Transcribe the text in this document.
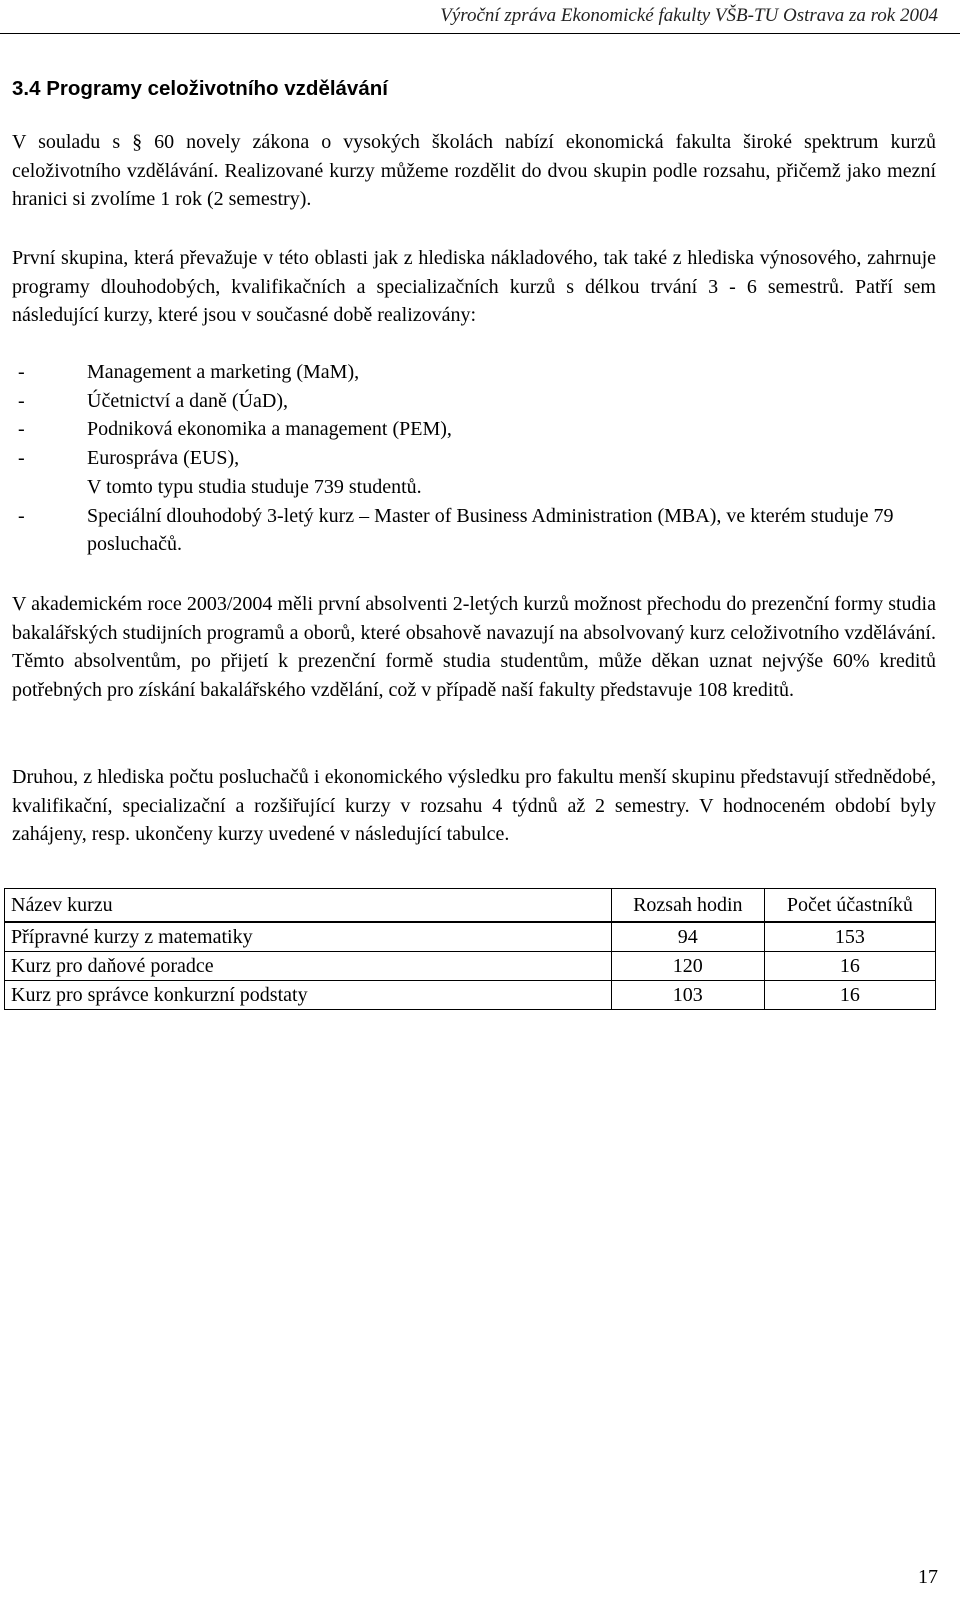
Výroční zpráva Ekonomické fakulty VŠB-TU Ostrava za rok 2004
3.4 Programy celoživotního vzdělávání

V souladu s § 60 novely zákona o vysokých školách nabízí ekonomická fakulta široké spektrum kurzů celoživotního vzdělávání. Realizované kurzy můžeme rozdělit do dvou skupin podle rozsahu, přičemž jako mezní hranici si zvolíme 1 rok (2 semestry).

První skupina, která převažuje v této oblasti jak z hlediska nákladového, tak také z hlediska výnosového, zahrnuje programy dlouhodobých, kvalifikačních a specializačních kurzů s délkou trvání 3 - 6 semestrů. Patří sem následující kurzy, které jsou v současné době realizovány:

-	Management a marketing (MaM),
-	Účetnictví a daně (ÚaD),
-	Podniková ekonomika a management (PEM),
-	Eurospráva (EUS),
V tomto typu studia studuje 739 studentů.
-	Speciální dlouhodobý 3-letý kurz – Master of Business Administration (MBA), ve kterém studuje 79 posluchačů.

V akademickém roce 2003/2004 měli první absolventi 2-letých kurzů možnost přechodu do prezenční formy studia bakalářských studijních programů a oborů, které obsahově navazují na absolvovaný kurz celoživotního vzdělávání. Těmto absolventům, po přijetí k prezenční formě studia studentům, může děkan uznat nejvýše 60% kreditů potřebných pro získání bakalářského vzdělání, což v případě naší fakulty představuje 108 kreditů.

Druhou, z hlediska počtu posluchačů i ekonomického výsledku pro fakultu menší skupinu představují střednědobé, kvalifikační, specializační a rozšiřující kurzy v rozsahu 4 týdnů až 2 semestry. V hodnoceném období byly zahájeny, resp. ukončeny kurzy uvedené v následující tabulce.

Název kurzu	Rozsah hodin	Počet účastníků
Přípravné kurzy z matematiky	94	153
Kurz pro daňové poradce	120	16
Kurz pro správce konkurzní podstaty	103	16
17
